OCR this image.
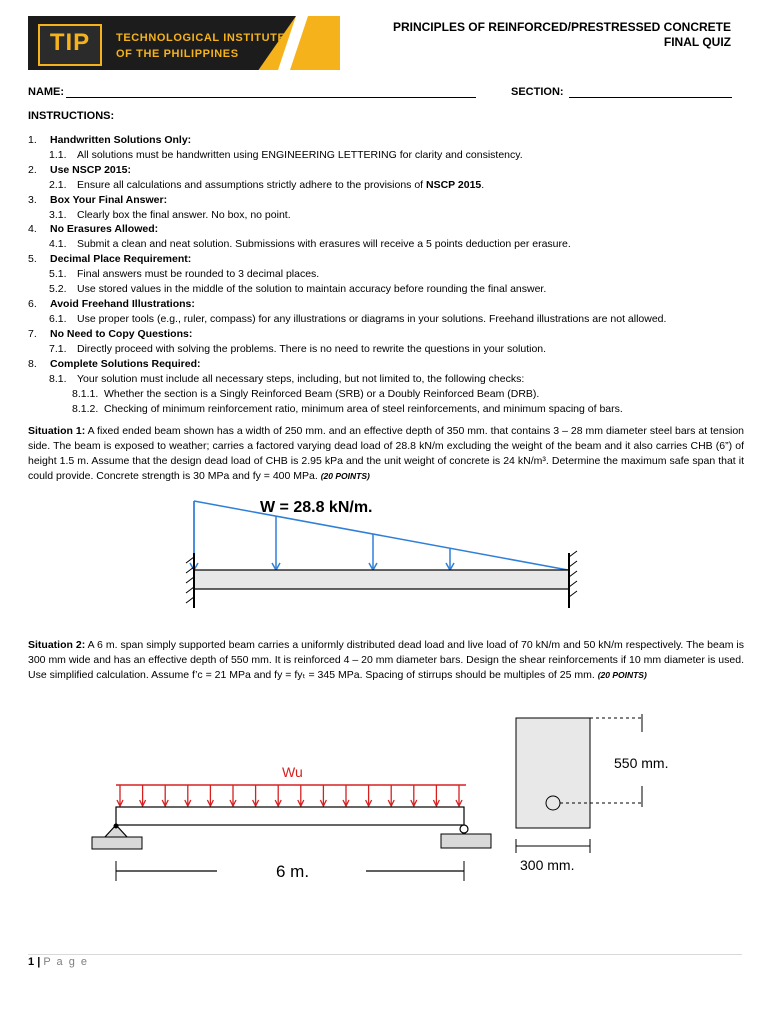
TIP	TECHNOLOGICAL INSTITUTE
OF THE PHILIPPINES
PRINCIPLES OF REINFORCED/PRESTRESSED CONCRETE
FINAL QUIZ
NAME:	SECTION:
INSTRUCTIONS:
1. Handwritten Solutions Only:
1.1. All solutions must be handwritten using ENGINEERING LETTERING for clarity and consistency.
2. Use NSCP 2015:
2.1. Ensure all calculations and assumptions strictly adhere to the provisions of NSCP 2015.
3. Box Your Final Answer:
3.1. Clearly box the final answer. No box, no point.
4. No Erasures Allowed:
4.1. Submit a clean and neat solution. Submissions with erasures will receive a 5 points deduction per erasure.
5. Decimal Place Requirement:
5.1. Final answers must be rounded to 3 decimal places.
5.2. Use stored values in the middle of the solution to maintain accuracy before rounding the final answer.
6. Avoid Freehand Illustrations:
6.1. Use proper tools (e.g., ruler, compass) for any illustrations or diagrams in your solutions. Freehand illustrations are not allowed.
7. No Need to Copy Questions:
7.1. Directly proceed with solving the problems. There is no need to rewrite the questions in your solution.
8. Complete Solutions Required:
8.1. Your solution must include all necessary steps, including, but not limited to, the following checks:
8.1.1. Whether the section is a Singly Reinforced Beam (SRB) or a Doubly Reinforced Beam (DRB).
8.1.2. Checking of minimum reinforcement ratio, minimum area of steel reinforcements, and minimum spacing of bars.
Situation 1: A fixed ended beam shown has a width of 250 mm. and an effective depth of 350 mm. that contains 3 – 28 mm diameter steel bars at tension side. The beam is exposed to weather; carries a factored varying dead load of 28.8 kN/m excluding the weight of the beam and it also carries CHB (6”) of height 1.5 m. Assume that the design dead load of CHB is 2.95 kPa and the unit weight of concrete is 24 kN/m³. Determine the maximum safe span that it could provide. Concrete strength is 30 MPa and fy = 400 MPa. (20 POINTS)
W = 28.8 kN/m.
Situation 2: A 6 m. span simply supported beam carries a uniformly distributed dead load and live load of 70 kN/m and 50 kN/m respectively. The beam is 300 mm wide and has an effective depth of 550 mm. It is reinforced 4 – 20 mm diameter bars. Design the shear reinforcements if 10 mm diameter is used. Use simplified calculation. Assume f’c = 21 MPa and fy = fyₜ = 345 MPa. Spacing of stirrups should be multiples of 25 mm. (20 POINTS)
Wu
6 m.
550 mm.
300 mm.
1 | P a g e
